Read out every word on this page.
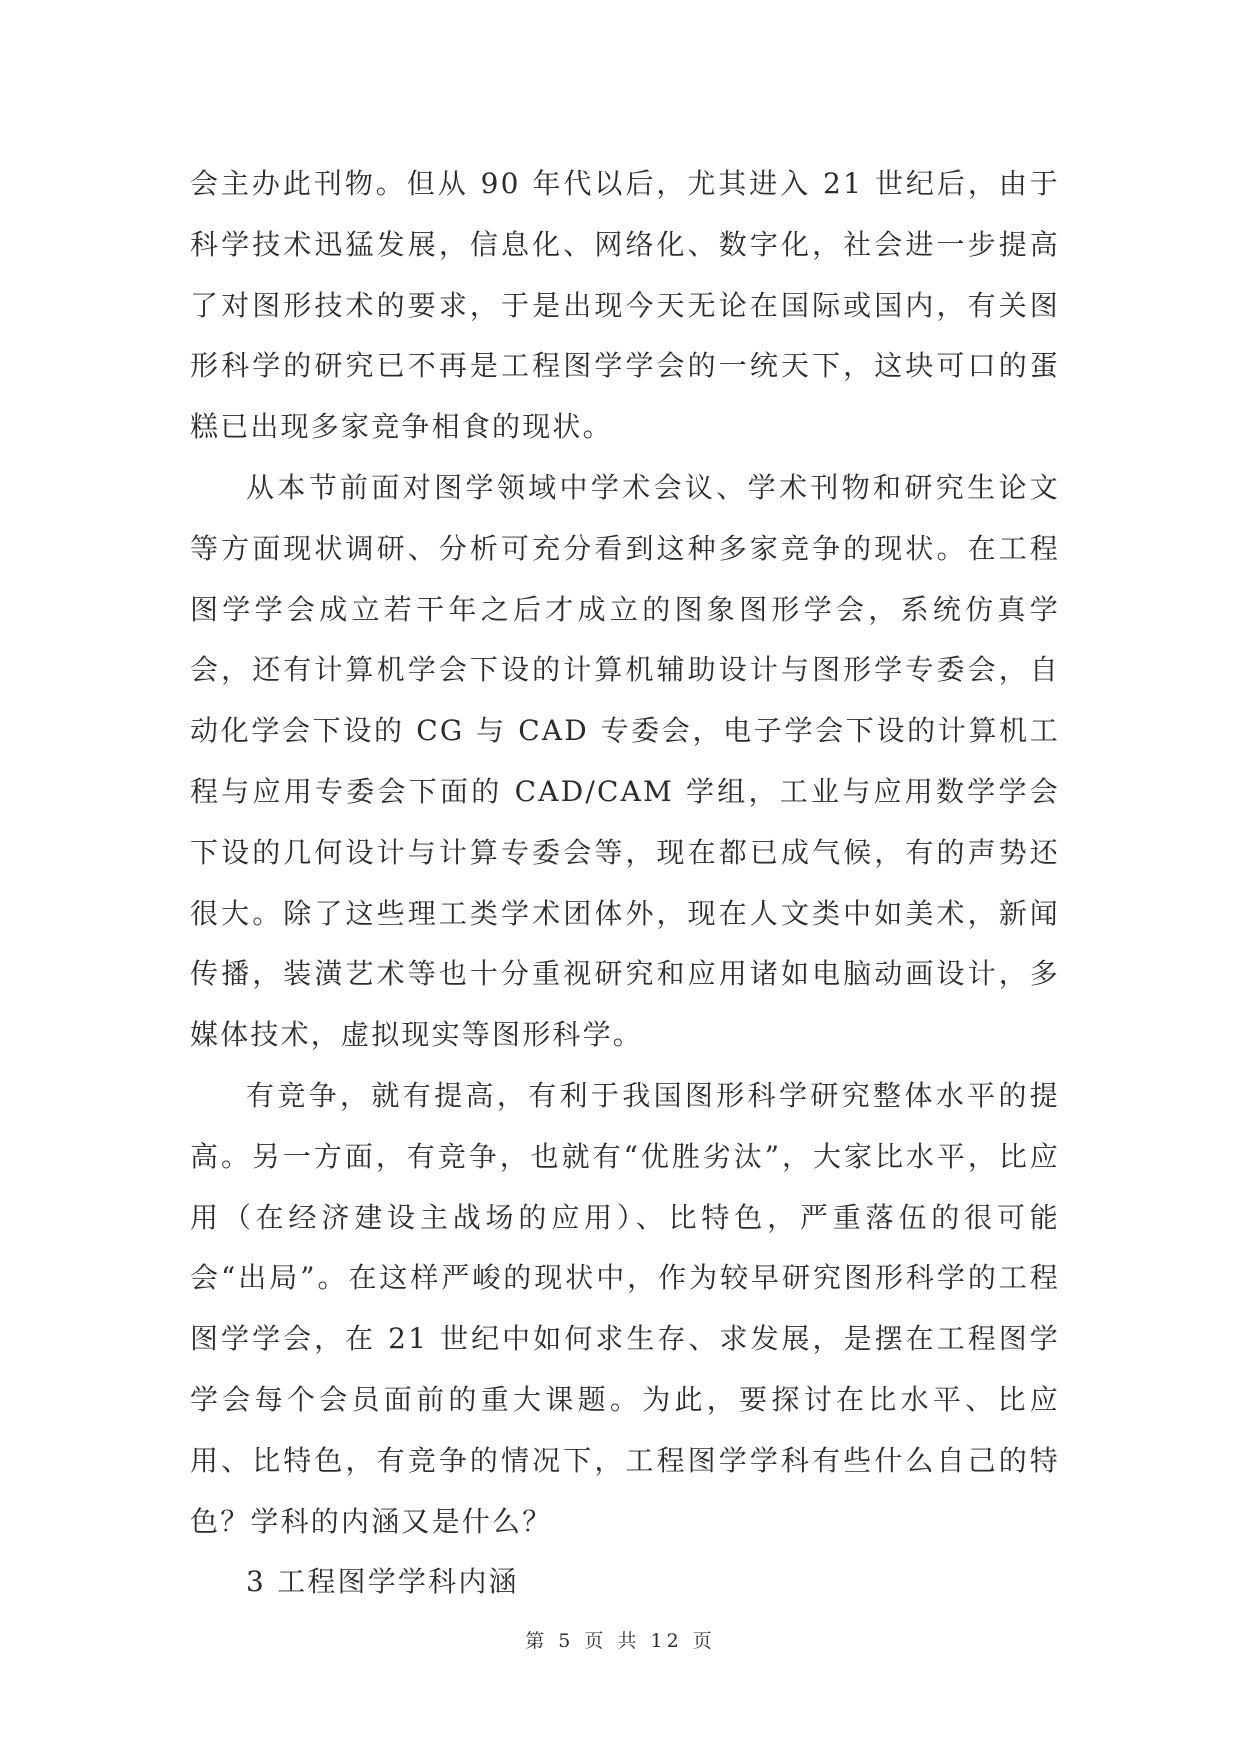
会主办此刊物。但从 90 年代以后，尤其进入 21 世纪后，由于科学技术迅猛发展，信息化、网络化、数字化，社会进一步提高了对图形技术的要求，于是出现今天无论在国际或国内，有关图形科学的研究已不再是工程图学学会的一统天下，这块可口的蛋糕已出现多家竞争相食的现状。

从本节前面对图学领域中学术会议、学术刊物和研究生论文等方面现状调研、分析可充分看到这种多家竞争的现状。在工程图学学会成立若干年之后才成立的图象图形学会，系统仿真学会，还有计算机学会下设的计算机辅助设计与图形学专委会，自动化学会下设的 CG 与 CAD 专委会，电子学会下设的计算机工程与应用专委会下面的 CAD/CAM 学组，工业与应用数学学会下设的几何设计与计算专委会等，现在都已成气候，有的声势还很大。除了这些理工类学术团体外，现在人文类中如美术，新闻传播，装潢艺术等也十分重视研究和应用诸如电脑动画设计，多媒体技术，虚拟现实等图形科学。

有竞争，就有提高，有利于我国图形科学研究整体水平的提高。另一方面，有竞争，也就有“优胜劣汰”，大家比水平，比应用（在经济建设主战场的应用）、比特色，严重落伍的很可能会“出局”。在这样严峻的现状中，作为较早研究图形科学的工程图学学会，在 21 世纪中如何求生存、求发展，是摆在工程图学学会每个会员面前的重大课题。为此，要探讨在比水平、比应用、比特色，有竞争的情况下，工程图学学科有些什么自己的特色？学科的内涵又是什么？

3 工程图学学科内涵

第 5 页 共 12 页
